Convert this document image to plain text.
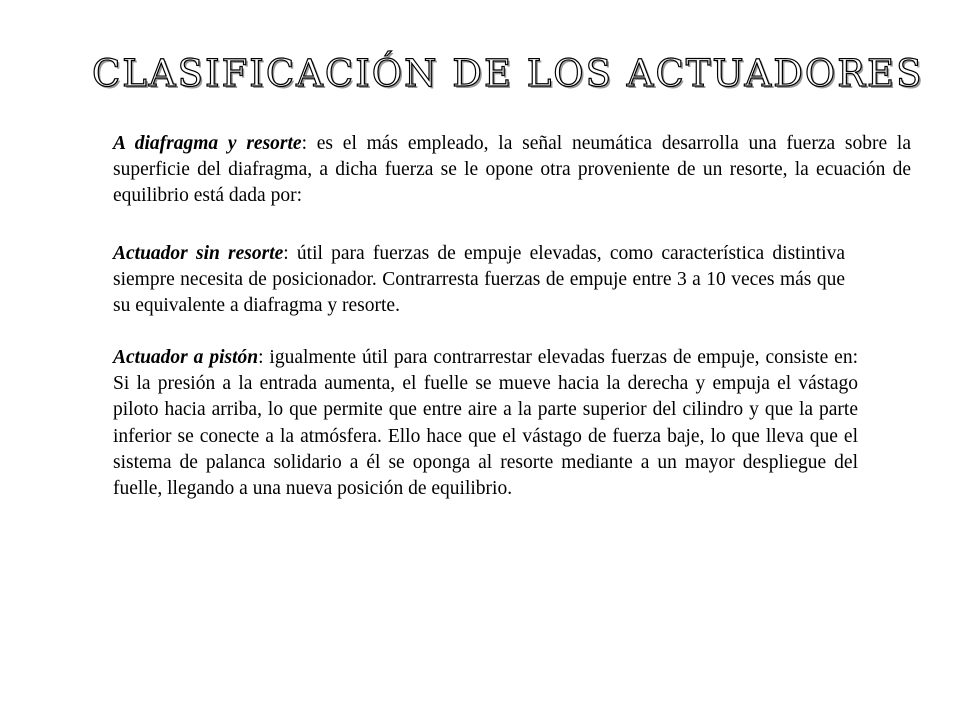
CLASIFICACIÓN DE LOS ACTUADORES

A diafragma y resorte: es el más empleado, la señal neumática desarrolla una fuerza sobre la superficie del diafragma, a dicha fuerza se le opone otra proveniente de un resorte, la ecuación de equilibrio está dada por:

Actuador sin resorte: útil para fuerzas de empuje elevadas, como característica distintiva siempre necesita de posicionador. Contrarresta fuerzas de empuje entre 3 a 10 veces más que su equivalente a diafragma y resorte.

Actuador a pistón: igualmente útil para contrarrestar elevadas fuerzas de empuje, consiste en: Si la presión a la entrada aumenta, el fuelle se mueve hacia la derecha y empuja el vástago piloto hacia arriba, lo que permite que entre aire a la parte superior del cilindro y que la parte inferior se conecte a la atmósfera. Ello hace que el vástago de fuerza baje, lo que lleva que el sistema de palanca solidario a él se oponga al resorte mediante a un mayor despliegue del fuelle, llegando a una nueva posición de equilibrio.
